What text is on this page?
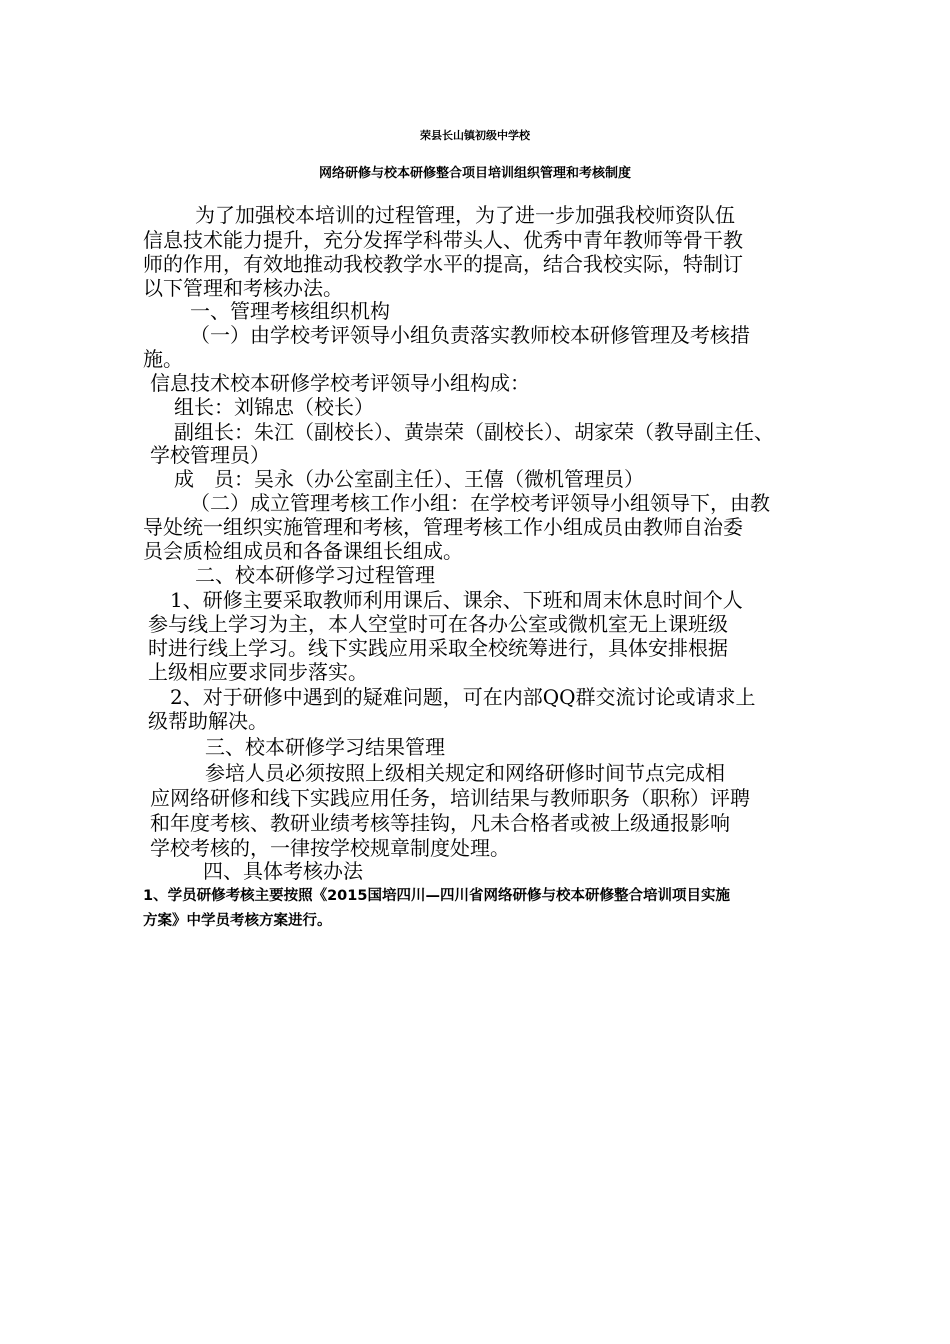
荣县长山镇初级中学校
网络研修与校本研修整合项目培训组织管理和考核制度
为了加强校本培训的过程管理，为了进一步加强我校师资队伍
信息技术能力提升，充分发挥学科带头人、优秀中青年教师等骨干教
师的作用，有效地推动我校教学水平的提高，结合我校实际，特制订
以下管理和考核办法。
一、管理考核组织机构
（一）由学校考评领导小组负责落实教师校本研修管理及考核措
施。
信息技术校本研修学校考评领导小组构成：
组长：刘锦忠（校长）
副组长：朱江（副校长）、黄崇荣（副校长）、胡家荣（教导副主任、
学校管理员）
成　员：吴永（办公室副主任）、王僖（微机管理员）
（二）成立管理考核工作小组：在学校考评领导小组领导下，由教
导处统一组织实施管理和考核，管理考核工作小组成员由教师自治委
员会质检组成员和各备课组长组成。
二、校本研修学习过程管理
1、研修主要采取教师利用课后、课余、下班和周末休息时间个人
参与线上学习为主，本人空堂时可在各办公室或微机室无上课班级
时进行线上学习。线下实践应用采取全校统筹进行，具体安排根据
上级相应要求同步落实。
2、对于研修中遇到的疑难问题，可在内部QQ群交流讨论或请求上
级帮助解决。
三、校本研修学习结果管理
参培人员必须按照上级相关规定和网络研修时间节点完成相
应网络研修和线下实践应用任务，培训结果与教师职务（职称）评聘
和年度考核、教研业绩考核等挂钩，凡未合格者或被上级通报影响
学校考核的，一律按学校规章制度处理。
四、具体考核办法
1、学员研修考核主要按照《2015国培四川—四川省网络研修与校本研修整合培训项目实施
方案》中学员考核方案进行。
